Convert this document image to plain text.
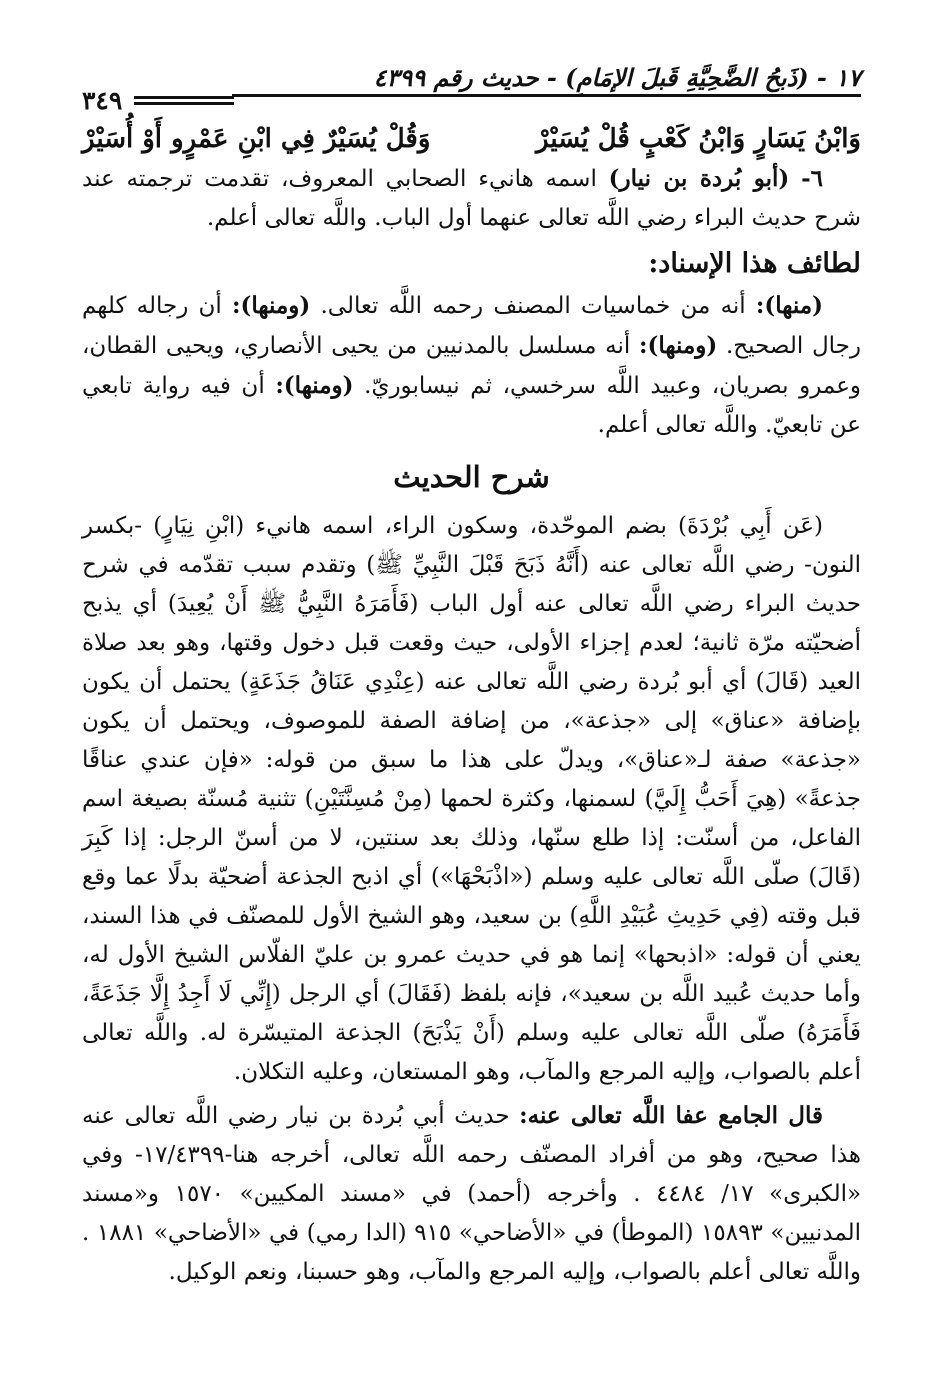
١٧ - (ذَبحُ الضَّحِيَّةِ قَبلَ الإمَامِ) - حديث رقم ٤٣٩٩
٣٤٩
وَابْنُ يَسَارٍ وَابْنُ كَعْبٍ قُلْ يُسَيْرْ
وَقُلْ يُسَيْرٌ فِي ابْنِ عَمْرٍو أَوْ أُسَيْرْ

٦- (أبو بُردة بن نيار) اسمه هانيء الصحابي المعروف، تقدمت ترجمته عند شرح حديث البراء رضي اللَّه تعالى عنهما أول الباب. واللَّه تعالى أعلم.

لطائف هذا الإسناد:

(منها): أنه من خماسيات المصنف رحمه اللَّه تعالى. (ومنها): أن رجاله كلهم رجال الصحيح. (ومنها): أنه مسلسل بالمدنيين من يحيى الأنصاري، ويحيى القطان، وعمرو بصريان، وعبيد اللَّه سرخسي، ثم نيسابوريّ. (ومنها): أن فيه رواية تابعي عن تابعيّ. واللَّه تعالى أعلم.

شرح الحديث

(عَن أَبِي بُرْدَةَ) بضم الموحّدة، وسكون الراء، اسمه هانيء (ابْنِ نِيَارٍ) -بكسر النون- رضي اللَّه تعالى عنه (أَنَّهُ ذَبَحَ قَبْلَ النَّبِيِّ ﷺ) وتقدم سبب تقدّمه في شرح حديث البراء رضي اللَّه تعالى عنه أول الباب (فَأَمَرَهُ النَّبِيُّ ﷺ أَنْ يُعِيدَ) أي يذبح أضحيّته مرّة ثانية؛ لعدم إجزاء الأولى، حيث وقعت قبل دخول وقتها، وهو بعد صلاة العيد (قَالَ) أي أبو بُردة رضي اللَّه تعالى عنه (عِنْدِي عَنَاقُ جَذَعَةٍ) يحتمل أن يكون بإضافة «عناق» إلى «جذعة»، من إضافة الصفة للموصوف، ويحتمل أن يكون «جذعة» صفة لـ«عناق»، ويدلّ على هذا ما سبق من قوله: «فإن عندي عناقًا جذعةً» (هِيَ أَحَبُّ إِلَيَّ) لسمنها، وكثرة لحمها (مِنْ مُسِنَّتَيْنِ) تثنية مُسنّة بصيغة اسم الفاعل، من أسنّت: إذا طلع سنّها، وذلك بعد سنتين، لا من أسنّ الرجل: إذا كَبِرَ (قَالَ) صلّى اللَّه تعالى عليه وسلم («اذْبَحْهَا») أي اذبح الجذعة أضحيّة بدلًا عما وقع قبل وقته (فِي حَدِيثِ عُبَيْدِ اللَّهِ) بن سعيد، وهو الشيخ الأول للمصنّف في هذا السند، يعني أن قوله: «اذبحها» إنما هو في حديث عمرو بن عليّ الفلّاس الشيخ الأول له، وأما حديث عُبيد اللَّه بن سعيد»، فإنه بلفظ (فَقَالَ) أي الرجل (إِنِّي لَا أَجِدُ إِلَّا جَذَعَةً، فَأَمَرَهُ) صلّى اللَّه تعالى عليه وسلم (أَنْ يَذْبَحَ) الجذعة المتيسّرة له. واللَّه تعالى أعلم بالصواب، وإليه المرجع والمآب، وهو المستعان، وعليه التكلان.

قال الجامع عفا اللَّه تعالى عنه: حديث أبي بُردة بن نيار رضي اللَّه تعالى عنه هذا صحيح، وهو من أفراد المصنّف رحمه اللَّه تعالى، أخرجه هنا-١٧/٤٣٩٩- وفي «الكبرى» ١٧/ ٤٤٨٤ . وأخرجه (أحمد) في «مسند المكيين» ١٥٧٠ و«مسند المدنيين» ١٥٨٩٣ (الموطأ) في «الأضاحي» ٩١٥ (الدا رمي) في «الأضاحي» ١٨٨١ . واللَّه تعالى أعلم بالصواب، وإليه المرجع والمآب، وهو حسبنا، ونعم الوكيل.
